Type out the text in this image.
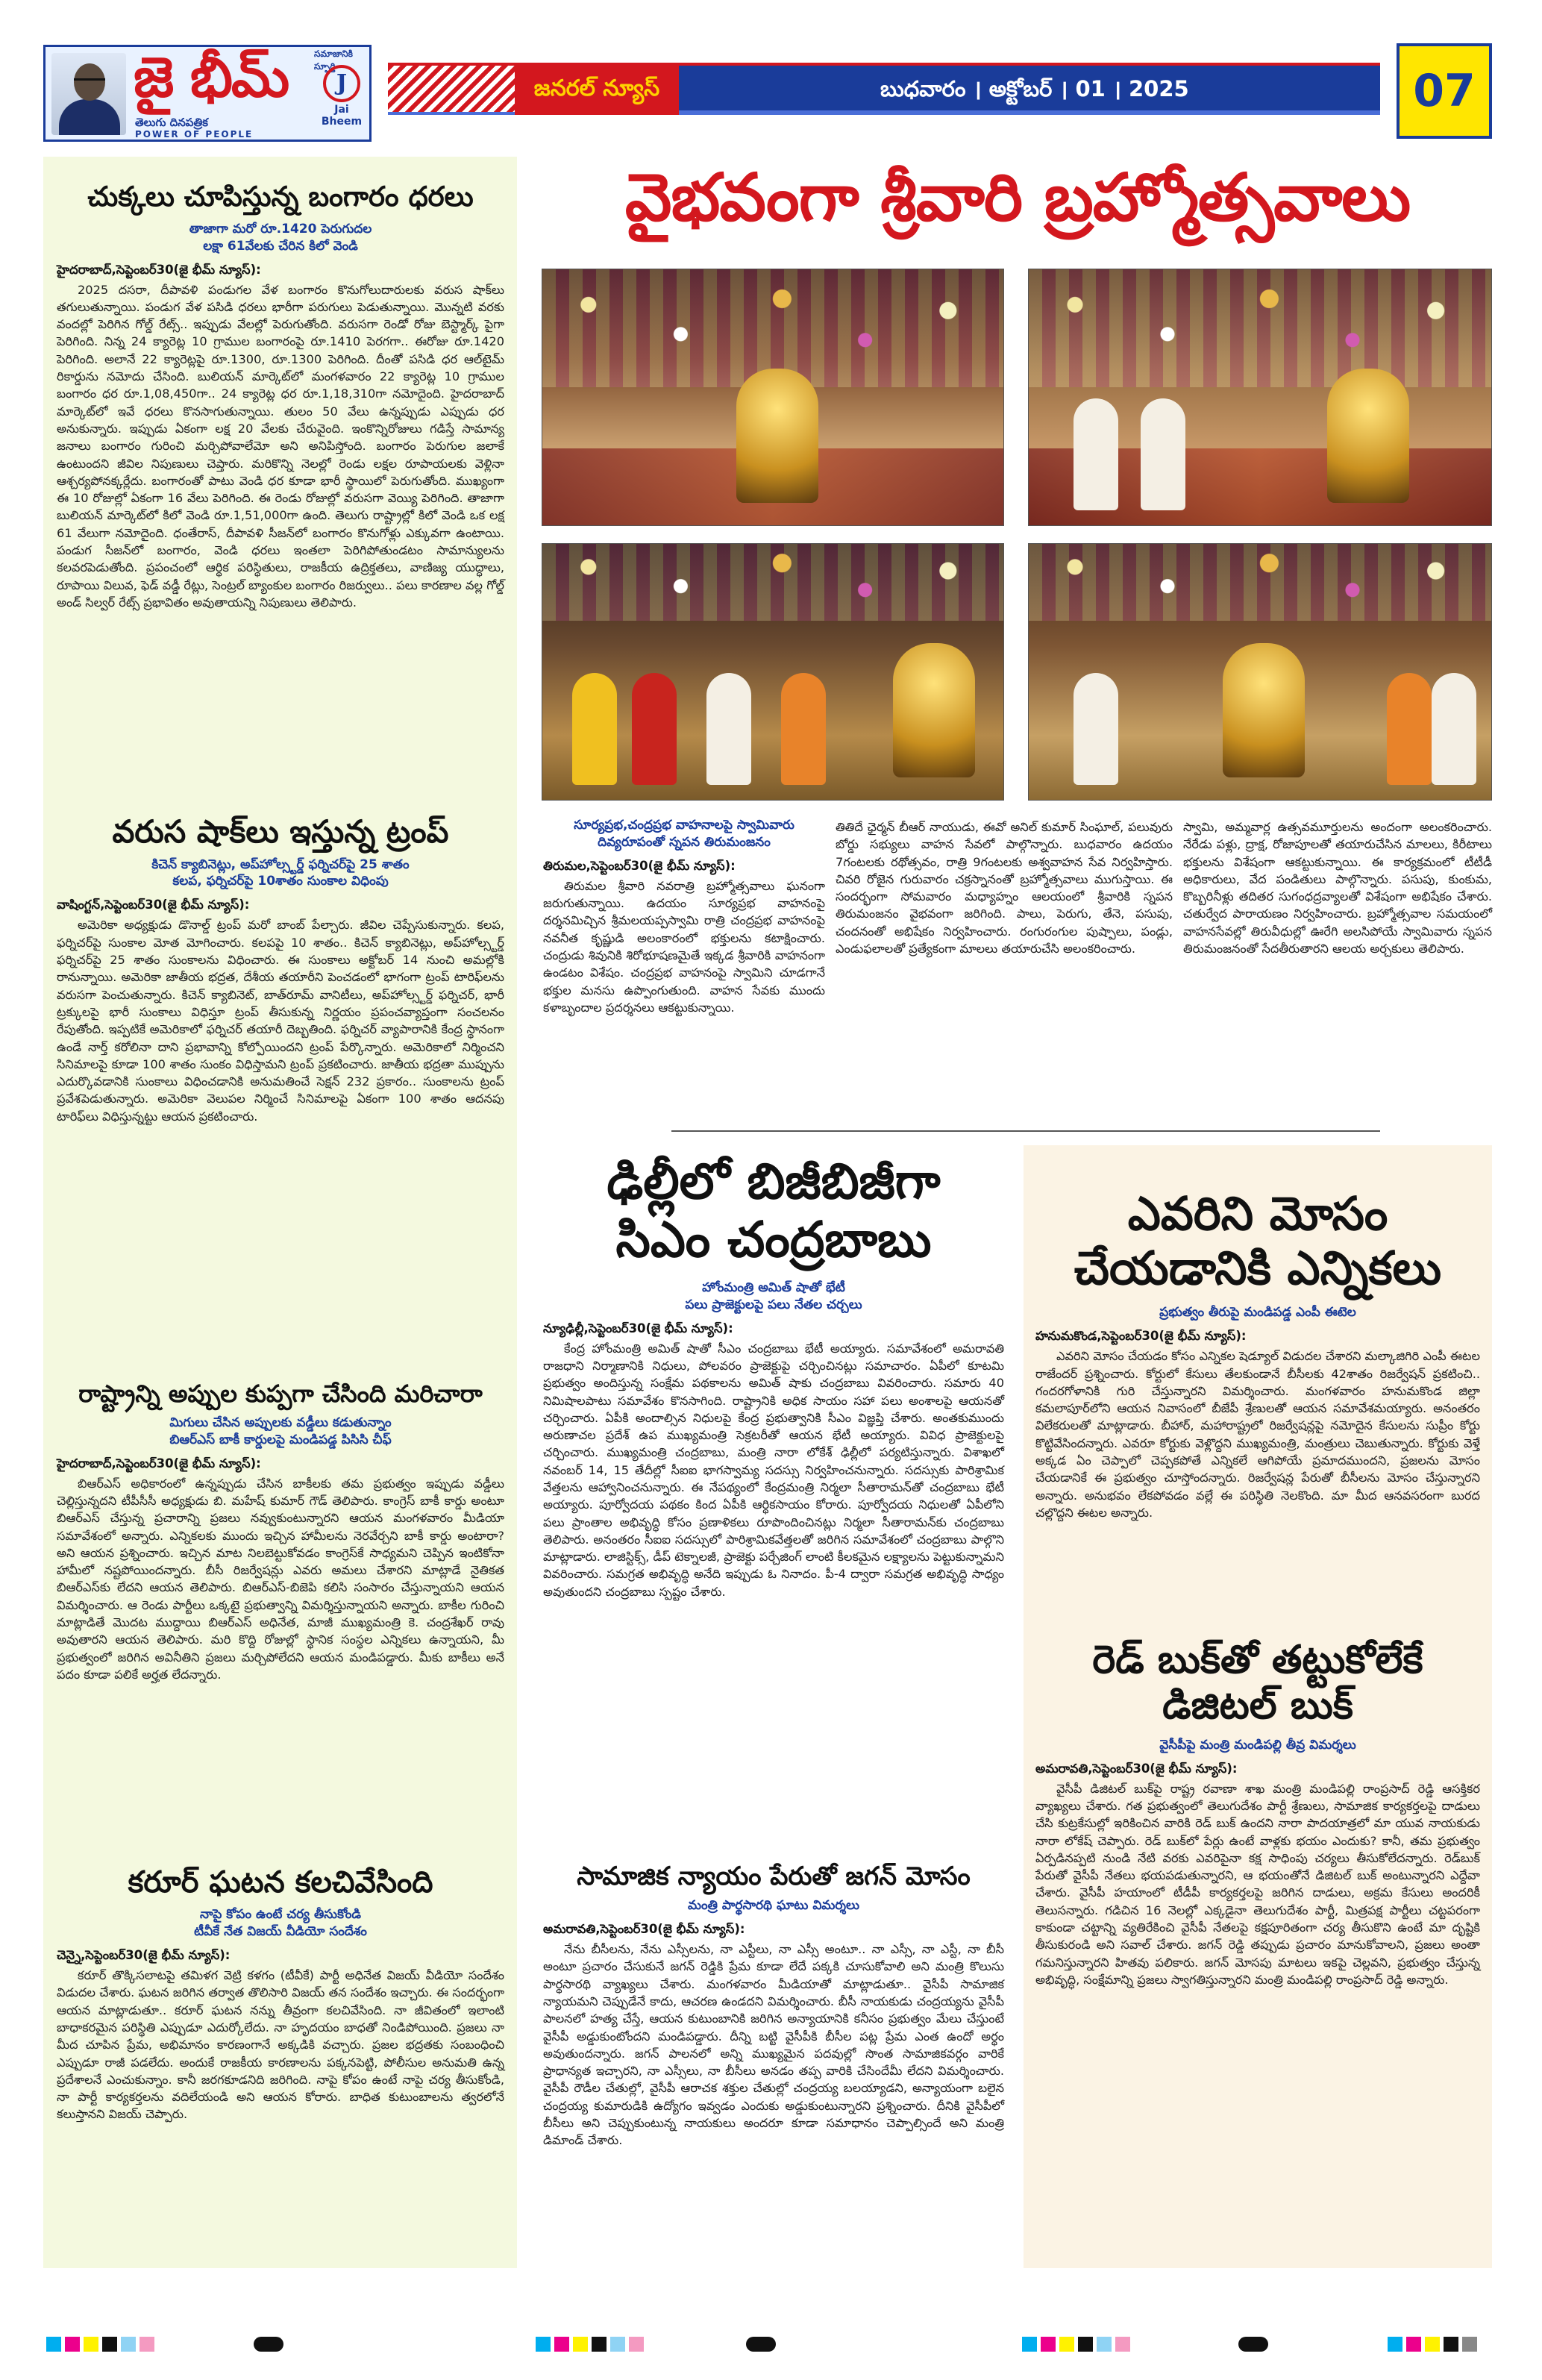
జై భీమ్	సమాజానికి స్ఫూర్తి
తెలుగు దినపత్రిక
POWER OF PEOPLE
J
Jai Bheem
జనరల్ న్యూస్	బుధవారం । అక్టోబర్ । 01 । 2025	07
చుక్కలు చూపిస్తున్న బంగారం ధరలు
తాజాగా మరో రూ.1420 పెరుగుదల
లక్షా 61వేలకు చేరిన కిలో వెండి
హైదరాబాద్,సెప్టెంబర్30(జై భీమ్ న్యూస్):

2025 దసరా, దీపావళి పండుగల వేళ బంగారం కొనుగోలుదారులకు వరుస షాక్‌లు తగులుతున్నాయి. పండుగ వేళ పసిడి ధరలు భారీగా పరుగులు పెడుతున్నాయి. మొన్నటి వరకు వందల్లో పెరిగిన గోల్డ్ రేట్స్.. ఇప్పుడు వేలల్లో పెరుగుతోంది. వరుసగా రెండో రోజు బెస్ట్మార్క్ పైగా పెరిగింది. నిన్న 24 క్యారెట్ల 10 గ్రాముల బంగారంపై రూ.1410 పెరగగా.. ఈరోజు రూ.1420 పెరిగింది. అలానే 22 క్యారెట్లపై రూ.1300, రూ.1300 పెరిగింది. దీంతో పసిడి ధర ఆల్‌టైమ్ రికార్డును నమోదు చేసింది. బులియన్ మార్కెట్‌లో మంగళవారం 22 క్యారెట్ల 10 గ్రాముల బంగారం ధర రూ.1,08,450గా.. 24 క్యారెట్ల ధర రూ.1,18,310గా నమోదైంది. హైదరాబాద్ మార్కెట్‌లో ఇవే ధరలు కొనసాగుతున్నాయి. తులం 50 వేలు ఉన్నప్పుడు ఎప్పుడు ధర అనుకున్నారు. ఇప్పుడు ఏకంగా లక్ష 20 వేలకు చేరువైంది. ఇంకొన్నిరోజులు గడిస్తే సామాన్య జనాలు బంగారం గురించి మర్చిపోవాలేమో అని అనిపిస్తోంది. బంగారం పెరుగుల జలాకే ఉంటుందని జీవిల నిపుణులు చెప్తారు. మరికొన్ని నెలల్లో రెండు లక్షల రూపాయలకు వెళ్లినా ఆశ్చర్యపోనక్కర్లేదు. బంగారంతో పాటు వెండి ధర కూడా భారీ స్థాయిలో పెరుగుతోంది. ముఖ్యంగా ఈ 10 రోజుల్లో ఏకంగా 16 వేలు పెరిగింది. ఈ రెండు రోజుల్లో వరుసగా వెయ్యి పెరిగింది. తాజాగా బులియన్ మార్కెట్‌లో కిలో వెండి రూ.1,51,000గా ఉంది. తెలుగు రాష్ట్రాల్లో కిలో వెండి ఒక లక్ష 61 వేలుగా నమోదైంది. ధంతేరాస్, దీపావళి సీజన్‌లో బంగారం కొనుగోళ్లు ఎక్కువగా ఉంటాయి. పండుగ సీజన్‌లో బంగారం, వెండి ధరలు ఇంతలా పెరిగిపోతుండటం సామాన్యులను కలవరపెడుతోంది. ప్రపంచంలో ఆర్థిక పరిస్థితులు, రాజకీయ ఉద్రిక్తతలు, వాణిజ్య యుద్ధాలు, రూపాయి విలువ, ఫెడ్ వడ్డీ రేట్లు, సెంట్రల్ బ్యాంకుల బంగారం రిజర్వులు.. పలు కారణాల వల్ల గోల్డ్ అండ్ సిల్వర్ రేట్స్ ప్రభావితం అవుతాయన్ని నిపుణులు తెలిపారు.

వరుస షాక్‌లు ఇస్తున్న ట్రంప్
కిచెన్ క్యాబినెట్లు, అప్‌హోల్స్టర్డ్ ఫర్నిచర్‌పై 25 శాతం
కలప, ఫర్నిచర్‌పై 10శాతం సుంకాల విధింపు
వాషింగ్టన్,సెప్టెంబర్30(జై భీమ్ న్యూస్):

అమెరికా అధ్యక్షుడు డొనాల్డ్ ట్రంప్ మరో బాంబ్ పేల్చారు. జీవిల చెప్పేసుకున్నారు. కలప, ఫర్నిచర్‌పై సుంకాల మోత మోగించారు. కలపపై 10 శాతం.. కిచెన్ క్యాబినెట్లు, అప్‌హోల్స్టర్డ్ ఫర్నిచర్‌పై 25 శాతం సుంకాలను విధించారు. ఈ సుంకాలు అక్టోబర్ 14 నుంచి అమల్లోకి రానున్నాయి. అమెరికా జాతీయ భద్రత, దేశీయ తయారీని పెంచడంలో భాగంగా ట్రంప్ టారిఫ్‌లను వరుసగా పెంచుతున్నారు. కిచెన్ క్యాబినెట్, బాత్‌రూమ్ వానిటీలు, అప్‌హోల్స్టర్డ్ ఫర్నిచర్, భారీ ట్రక్కులపై భారీ సుంకాలు విధిస్తూ ట్రంప్ తీసుకున్న నిర్ణయం ప్రపంచవ్యాప్తంగా సంచలనం రేపుతోంది. ఇప్పటికే అమెరికాలో ఫర్నిచర్ తయారీ దెబ్బతింది. ఫర్నిచర్ వ్యాపారానికి కేంద్ర స్థానంగా ఉండే నార్త్ కరోలినా దాని ప్రభావాన్ని కోల్పోయిందని ట్రంప్ పేర్కొన్నారు. అమెరికాలో నిర్మించని సినిమాలపై కూడా 100 శాతం సుంకం విధిస్తామని ట్రంప్ ప్రకటించారు. జాతీయ భద్రతా ముప్పును ఎదుర్కొవడానికి సుంకాలు విధించడానికి అనుమతించే సెక్షన్ 232 ప్రకారం.. సుంకాలను ట్రంప్ ప్రవేశపెడుతున్నారు. అమెరికా వెలుపల నిర్మించే సినిమాలపై ఏకంగా 100 శాతం ఆదనపు టారిఫ్‌లు విధిస్తున్నట్టు ఆయన ప్రకటించారు.

రాష్ట్రాన్ని అప్పుల కుప్పగా చేసింది మరిచారా
మిగులు చేసిన అప్పులకు వడ్డీలు కడుతున్నాం
బిఆర్ఎస్ బాకీ కార్డులపై మండిపడ్డ పిసిసి చీఫ్
హైదరాబాద్,సెప్టెంబర్30(జై భీమ్ న్యూస్):

బిఆర్ఎస్ అధికారంలో ఉన్నప్పుడు చేసిన బాకీలకు తమ ప్రభుత్వం ఇప్పుడు వడ్డీలు చెల్లిస్తున్నదని టీపీసీసీ అధ్యక్షుడు బి. మహేష్ కుమార్ గౌడ్ తెలిపారు. కాంగ్రెస్ బాకీ కార్డు అంటూ బిఆర్ఎస్ చేస్తున్న ప్రచారాన్ని ప్రజలు నవ్వుకుంటున్నారని ఆయన మంగళవారం మీడియా సమావేశంలో అన్నారు. ఎన్నికలకు ముందు ఇచ్చిన హామీలను నెరవేర్చని బాకీ కార్డు అంటారా? అని ఆయన ప్రశ్నించారు. ఇచ్చిన మాట నిలబెట్టుకోవడం కాంగ్రెస్‌కే సాధ్యమని చెప్పిన ఇంటికోనా హామీలో నష్టపోయిందన్నారు. బీసీ రిజర్వేషన్లు ఎవరు అమలు చేశారని మాట్లాడే నైతికత బిఆర్ఎస్‌కు లేదని ఆయన తెలిపారు. బిఆర్ఎస్-బిజెపి కలిసి సంసారం చేస్తున్నాయని ఆయన విమర్శించారు. ఆ రెండు పార్టీలు ఒక్కటై ప్రభుత్వాన్ని విమర్శిస్తున్నాయని అన్నారు. బాకీల గురించి మాట్లాడితే మొదట ముద్దాయి బిఆర్ఎస్ అధినేత, మాజీ ముఖ్యమంత్రి కె. చంద్రశేఖర్ రావు అవుతారని ఆయన తెలిపారు. మరి కొద్ది రోజుల్లో స్థానిక సంస్థల ఎన్నికలు ఉన్నాయని, మీ ప్రభుత్వంలో జరిగిన అవినీతిని ప్రజలు మర్చిపోలేదని ఆయన మండిపడ్డారు. మీకు బాకీలు అనే పదం కూడా పలికే అర్హత లేదన్నారు.

కరూర్ ఘటన కలచివేసింది
నాపై కోపం ఉంటే చర్య తీసుకోండి
టీవీకే నేత విజయ్ వీడియో సందేశం
చెన్నై,సెప్టెంబర్30(జై భీమ్ న్యూస్):

కరూర్ తొక్కిసలాటపై తమిళగ వెట్రి కళగం (టీవీకే) పార్టీ అధినేత విజయ్ వీడియో సందేశం విడుదల చేశారు. ఘటన జరిగిన తర్వాత తొలిసారి విజయ్ తన సందేశం ఇచ్చారు. ఈ సందర్భంగా ఆయన మాట్లాడుతూ.. కరూర్ ఘటన నన్ను తీవ్రంగా కలచివేసింది. నా జీవితంలో ఇలాంటి బాధాకరమైన పరిస్థితి ఎప్పుడూ ఎదుర్కోలేదు. నా హృదయం బాధతో నిండిపోయింది. ప్రజలు నా మీద చూపిన ప్రేమ, అభిమానం కారణంగానే అక్కడికి వచ్చారు. ప్రజల భద్రతకు సంబంధించి ఎప్పుడూ రాజీ పడలేదు. అందుకే రాజకీయ కారణాలను పక్కనపెట్టి, పోలీసుల అనుమతి ఉన్న ప్రదేశాలనే ఎంచుకున్నాం. కానీ జరగకూడనిది జరిగింది. నాపై కోపం ఉంటే నాపై చర్య తీసుకోండి, నా పార్టీ కార్యకర్తలను వదిలేయండి అని ఆయన కోరారు. బాధిత కుటుంబాలను త్వరలోనే కలుస్తానని విజయ్ చెప్పారు.

వైభవంగా శ్రీవారి బ్రహ్మోత్సవాలు
సూర్యప్రభ,చంద్రప్రభ వాహనాలపై స్వామివారు
దివ్యరూపంతో స్నపన తిరుమంజనం
తిరుమల,సెప్టెంబర్30(జై భీమ్ న్యూస్):

తిరుమల శ్రీవారి నవరాత్రి బ్రహ్మోత్సవాలు ఘనంగా జరుగుతున్నాయి. ఉదయం సూర్యప్రభ వాహనంపై దర్శనమిచ్చిన శ్రీమలయప్పస్వామి రాత్రి చంద్రప్రభ వాహనంపై నవనీత కృష్ణుడి అలంకారంలో భక్తులను కటాక్షించారు. చంద్రుడు శివునికి శిరోభూషణమైతే ఇక్కడ శ్రీవారికి వాహనంగా ఉండటం విశేషం. చంద్రప్రభ వాహనంపై స్వామిని చూడగానే భక్తుల మనసు ఉప్పొంగుతుంది. వాహన సేవకు ముందు కళాబృందాల ప్రదర్శనలు ఆకట్టుకున్నాయి.

తితిదే ఛైర్మన్ బీఆర్ నాయుడు, ఈవో అనిల్ కుమార్ సింఘాల్, పలువురు బోర్డు సభ్యులు వాహన సేవలో పాల్గొన్నారు. బుధవారం ఉదయం 7గంటలకు రథోత్సవం, రాత్రి 9గంటలకు అశ్వవాహన సేవ నిర్వహిస్తారు. చివరి రోజైన గురువారం చక్రస్నానంతో బ్రహ్మోత్సవాలు ముగుస్తాయి. ఈ సందర్భంగా సోమవారం మధ్యాహ్నం ఆలయంలో శ్రీవారికి స్నపన తిరుమంజనం వైభవంగా జరిగింది. పాలు, పెరుగు, తేనె, పసుపు, చందనంతో అభిషేకం నిర్వహించారు. రంగురంగుల పుష్పాలు, పండ్లు, ఎండుఫలాలతో ప్రత్యేకంగా మాలలు తయారుచేసి అలంకరించారు.

స్వామి, అమ్మవార్ల ఉత్సవమూర్తులను అందంగా అలంకరించారు. నేరేడు పళ్లు, ద్రాక్ష, రోజాపూలతో తయారుచేసిన మాలలు, కిరీటాలు భక్తులను విశేషంగా ఆకట్టుకున్నాయి. ఈ కార్యక్రమంలో టీటీడీ అధికారులు, వేద పండితులు పాల్గొన్నారు. పసుపు, కుంకుమ, కొబ్బరినీళ్లు తదితర సుగంధద్రవ్యాలతో విశేషంగా అభిషేకం చేశారు. చతుర్వేద పారాయణం నిర్వహించారు. బ్రహ్మోత్సవాల సమయంలో వాహనసేవల్లో తిరువీధుల్లో ఊరేగి అలసిపోయే స్వామివారు స్నపన తిరుమంజనంతో సేదతీరుతారని ఆలయ అర్చకులు తెలిపారు.

ఢిల్లీలో బిజీబిజీగా
సిఎం చంద్రబాబు
హోంమంత్రి అమిత్ షాతో భేటీ
పలు ప్రాజెక్టులపై పలు నేతల చర్చలు
న్యూఢిల్లీ,సెప్టెంబర్30(జై భీమ్ న్యూస్):

కేంద్ర హోంమంత్రి అమిత్ షాతో సీఎం చంద్రబాబు భేటీ అయ్యారు. సమావేశంలో అమరావతి రాజధాని నిర్మాణానికి నిధులు, పోలవరం ప్రాజెక్టుపై చర్చించినట్లు సమాచారం. ఏపీలో కూటమి ప్రభుత్వం అందిస్తున్న సంక్షేమ పథకాలను అమిత్ షాకు చంద్రబాబు వివరించారు. సమారు 40 నిమిషాలపాటు సమావేశం కొనసాగింది. రాష్ట్రానికి అధిక సాయం సహా పలు అంశాలపై ఆయనతో చర్చించారు. ఏపీకి అందాల్సిన నిధులపై కేంద్ర ప్రభుత్వానికి సీఎం విజ్ఞప్తి చేశారు. అంతకుముందు అరుణాచల ప్రదేశ్ ఉప ముఖ్యమంత్రి సెక్రటరీతో ఆయన భేటీ అయ్యారు. వివిధ ప్రాజెక్టులపై చర్చించారు. ముఖ్యమంత్రి చంద్రబాబు, మంత్రి నారా లోకేశ్ ఢిల్లీలో పర్యటిస్తున్నారు. విశాఖలో నవంబర్ 14, 15 తేదీల్లో సీఐఐ భాగస్వామ్య సదస్సు నిర్వహించనున్నారు. సదస్సుకు పారిశ్రామిక వేత్తలను ఆహ్వానించనున్నారు. ఈ నేపథ్యంలో కేంద్రమంత్రి నిర్మలా సీతారామన్‌తో చంద్రబాబు భేటీ అయ్యారు. పూర్వోదయ పథకం కింద ఏపీకి ఆర్థికసాయం కోరారు. పూర్వోదయ నిధులతో ఏపీలోని పలు ప్రాంతాల అభివృద్ధి కోసం ప్రణాళికలు రూపొందించినట్లు నిర్మలా సీతారామన్‌కు చంద్రబాబు తెలిపారు. అనంతరం సీఐఐ సదస్సులో పారిశ్రామికవేత్తలతో జరిగిన సమావేశంలో చంద్రబాబు పాల్గొని మాట్లాడారు. లాజిస్టిక్స్, డీప్ టెక్నాలజీ, ప్రాజెక్టు పర్చేజింగ్ లాంటి కీలకమైన లక్ష్యాలను పెట్టుకున్నామని వివరించారు. సమగ్రత అభివృద్ధి అనేది ఇప్పుడు ఓ నినాదం. పీ-4 ద్వారా సమగ్రత అభివృద్ధి సాధ్యం అవుతుందని చంద్రబాబు స్పష్టం చేశారు.

సామాజిక న్యాయం పేరుతో జగన్ మోసం
మంత్రి పార్థసారథి ఘాటు విమర్శలు
అమరావతి,సెప్టెంబర్30(జై భీమ్ న్యూస్):

నేను బీసీలను, నేను ఎస్సీలను, నా ఎస్టీలు, నా ఎస్సీ అంటూ.. నా ఎస్సీ, నా ఎస్టీ, నా బీసీ అంటూ ప్రచారం చేసుకునే జగన్ రెడ్డికి ప్రేమ కూడా లేదే పక్కకి చూసుకోవాలి అని మంత్రి కొలుసు పార్థసారథి వ్యాఖ్యలు చేశారు. మంగళవారం మీడియాతో మాట్లాడుతూ.. వైసీపీ సామాజిక న్యాయమని చెప్పుడేనే కాదు, ఆచరణ ఉండదని విమర్శించారు. బీసీ నాయకుడు చంద్రయ్యను వైసీపీ పాలనలో హత్య చేస్తే, ఆయన కుటుంబానికి జరిగిన అన్యాయానికి కనీసం ప్రభుత్వం మేలు చేస్తుంటే వైసీపీ అడ్డుకుంటోందని మండిపడ్డారు. దీన్ని బట్టి వైసీపీకి బీసీల పట్ల ప్రేమ ఎంత ఉందో అర్థం అవుతుందన్నారు. జగన్ పాలనలో అన్ని ముఖ్యమైన పదవుల్లో సొంత సామాజికవర్గం వారికే ప్రాధాన్యత ఇచ్చారని, నా ఎస్సీలు, నా బీసీలు అనడం తప్ప వారికి చేసిందేమీ లేదని విమర్శించారు. వైసీపీ రౌడీల చేతుల్లో, వైసీపీ ఆరాచక శక్తుల చేతుల్లో చంద్రయ్య బలయ్యాడని, అన్యాయంగా బలైన చంద్రయ్య కుమారుడికి ఉద్యోగం ఇవ్వడం ఎందుకు అడ్డుకుంటున్నారని ప్రశ్నించారు. దీనికి వైసీపీలో బీసీలు అని చెప్పుకుంటున్న నాయకులు అందరూ కూడా సమాధానం చెప్పాల్సిందే అని మంత్రి డిమాండ్ చేశారు.

ఎవరిని మోసం
చేయడానికి ఎన్నికలు
ప్రభుత్వం తీరుపై మండిపడ్డ ఎంపీ ఈటెల
హనుమకొండ,సెప్టెంబర్30(జై భీమ్ న్యూస్):

ఎవరిని మోసం చేయడం కోసం ఎన్నికల షెడ్యూల్ విడుదల చేశారని మల్కాజిగిరి ఎంపీ ఈటల రాజేందర్ ప్రశ్నించారు. కోర్టులో కేసులు తేలకుండానే బీసీలకు 42శాతం రిజర్వేషన్ ప్రకటించి.. గందరగోళానికి గురి చేస్తున్నారని విమర్శించారు. మంగళవారం హనుమకొండ జిల్లా కమలాపూర్‌లోని ఆయన నివాసంలో బీజేపీ శ్రేణులతో ఆయన సమావేశమయ్యారు. అనంతరం విలేకరులతో మాట్లాడారు. బీహార్, మహారాష్ట్రలో రిజర్వేషన్లపై నమోదైన కేసులను సుప్రీం కోర్టు కొట్టివేసిందన్నారు. ఎవరూ కోర్టుకు వెళ్లొద్దని ముఖ్యమంత్రి, మంత్రులు చెబుతున్నారు. కోర్టుకు వెళ్తే అక్కడ ఏం చెప్పాలో చెప్పకపోతే ఎన్నికలే ఆగిపోయే ప్రమాదముందని, ప్రజలను మోసం చేయడానికే ఈ ప్రభుత్వం చూస్తోందన్నారు. రిజర్వేషన్ల పేరుతో బీసీలను మోసం చేస్తున్నారని అన్నారు. అనుభవం లేకపోవడం వల్లే ఈ పరిస్థితి నెలకొంది. మా మీద ఆనవసరంగా బురద చల్లొద్దని ఈటల అన్నారు.

రెడ్ బుక్‌తో తట్టుకోలేకే
డిజిటల్ బుక్
వైసీపీపై మంత్రి మండిపల్లి తీవ్ర విమర్శలు
అమరావతి,సెప్టెంబర్30(జై భీమ్ న్యూస్):

వైసీపీ డిజిటల్ బుక్‌పై రాష్ట్ర రవాణా శాఖ మంత్రి మండిపల్లి రాంప్రసాద్ రెడ్డి ఆసక్తికర వ్యాఖ్యలు చేశారు. గత ప్రభుత్వంలో తెలుగుదేశం పార్టీ శ్రేణులు, సామాజిక కార్యకర్తలపై దాడులు చేసి కుట్రకేసుల్లో ఇరికించిన వారికి రెడ్ బుక్ ఉందని నారా పాదయాత్రలో మా యువ నాయకుడు నారా లోకేష్ చెప్పారు. రెడ్ బుక్‌లో పేర్లు ఉంటే వాళ్లకు భయం ఎందుకు? కానీ, తమ ప్రభుత్వం ఏర్పడినప్పటి నుండి నేటి వరకు ఎవరిపైనా కక్ష సాధింపు చర్యలు తీసుకోలేదన్నారు. రెడ్‌బుక్ పేరుతో వైసీపీ నేతలు భయపడుతున్నారని, ఆ భయంతోనే డిజిటల్ బుక్ అంటున్నారని ఎద్దేవా చేశారు. వైసీపీ హయాంలో టీడీపీ కార్యకర్తలపై జరిగిన దాడులు, అక్రమ కేసులు అందరికీ తెలుసన్నారు. గడిచిన 16 నెలల్లో ఎక్కడైనా తెలుగుదేశం పార్టీ, మిత్రపక్ష పార్టీలు చట్టపరంగా కాకుండా చట్టాన్ని వ్యతిరేకించి వైసీపీ నేతలపై కక్షపూరితంగా చర్య తీసుకొని ఉంటే మా దృష్టికి తీసుకురండి అని సవాల్ చేశారు. జగన్ రెడ్డి తప్పుడు ప్రచారం మానుకోవాలని, ప్రజలు అంతా గమనిస్తున్నారని హితవు పలికారు. జగన్ మోసపు మాటలు ఇకపై చెల్లవని, ప్రభుత్వం చేస్తున్న అభివృద్ధి, సంక్షేమాన్ని ప్రజలు స్వాగతిస్తున్నారని మంత్రి మండిపల్లి రాంప్రసాద్ రెడ్డి అన్నారు.
